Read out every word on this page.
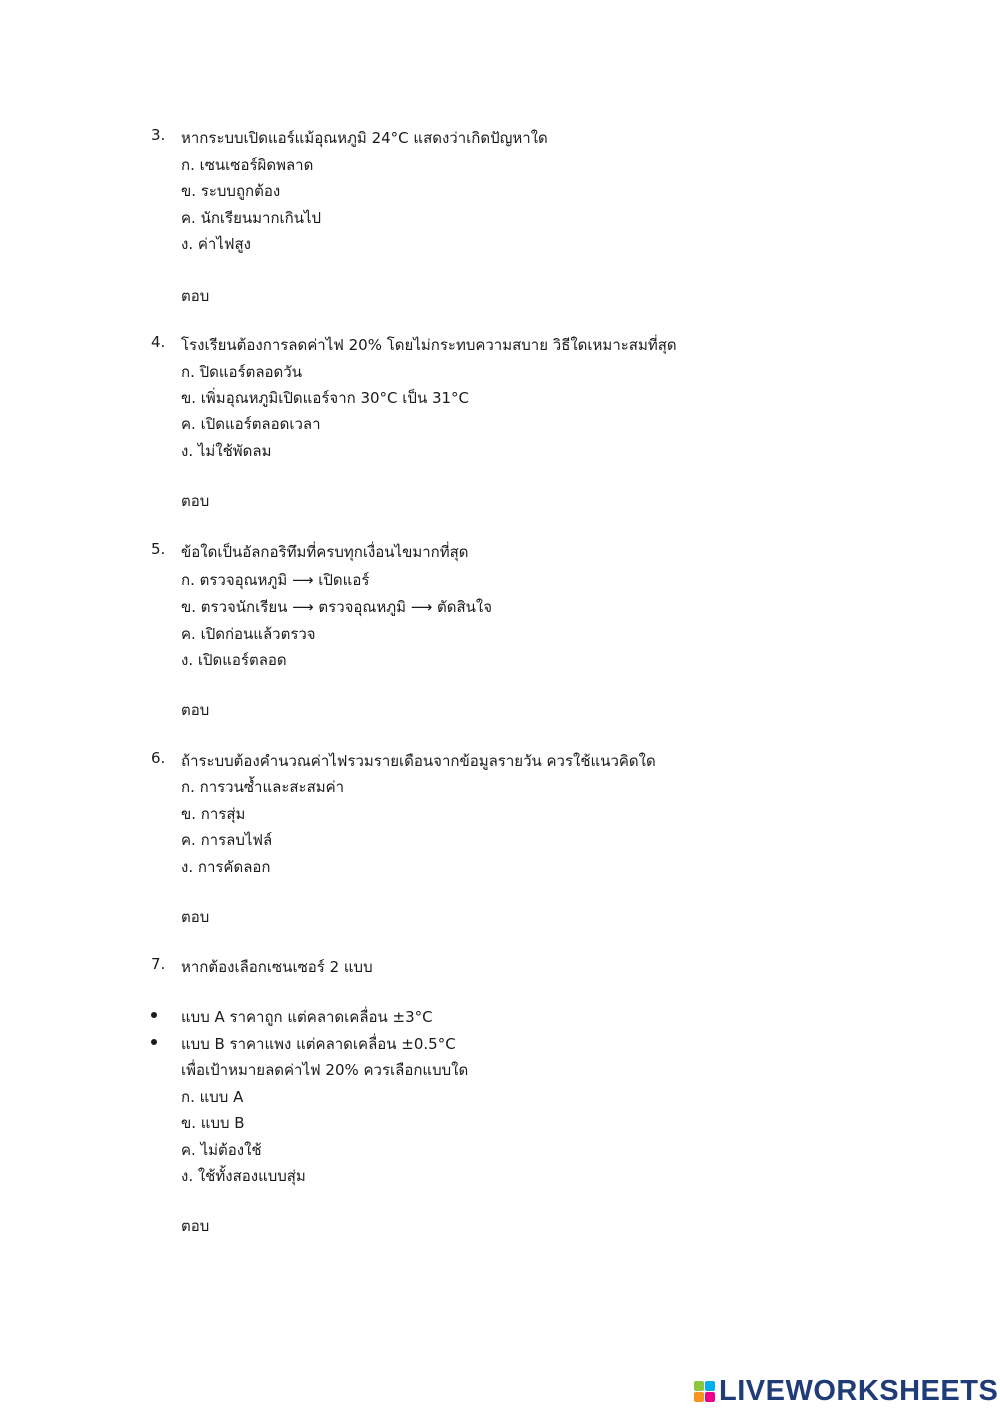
3. หากระบบเปิดแอร์แม้อุณหภูมิ 24°C แสดงว่าเกิดปัญหาใด
ก. เซนเซอร์ผิดพลาด
ข. ระบบถูกต้อง
ค. นักเรียนมากเกินไป
ง. ค่าไฟสูง
ตอบ
4. โรงเรียนต้องการลดค่าไฟ 20% โดยไม่กระทบความสบาย วิธีใดเหมาะสมที่สุด
ก. ปิดแอร์ตลอดวัน
ข. เพิ่มอุณหภูมิเปิดแอร์จาก 30°C เป็น 31°C
ค. เปิดแอร์ตลอดเวลา
ง. ไม่ใช้พัดลม
ตอบ
5. ข้อใดเป็นอัลกอริทึมที่ครบทุกเงื่อนไขมากที่สุด
ก. ตรวจอุณหภูมิ ⟶ เปิดแอร์
ข. ตรวจนักเรียน ⟶ ตรวจอุณหภูมิ ⟶ ตัดสินใจ
ค. เปิดก่อนแล้วตรวจ
ง. เปิดแอร์ตลอด
ตอบ
6. ถ้าระบบต้องคำนวณค่าไฟรวมรายเดือนจากข้อมูลรายวัน ควรใช้แนวคิดใด
ก. การวนซ้ำและสะสมค่า
ข. การสุ่ม
ค. การลบไฟล์
ง. การคัดลอก
ตอบ
7. หากต้องเลือกเซนเซอร์ 2 แบบ
แบบ A ราคาถูก แต่คลาดเคลื่อน ±3°C
แบบ B ราคาแพง แต่คลาดเคลื่อน ±0.5°C
เพื่อเป้าหมายลดค่าไฟ 20% ควรเลือกแบบใด
ก. แบบ A
ข. แบบ B
ค. ไม่ต้องใช้
ง. ใช้ทั้งสองแบบสุ่ม
ตอบ
LIVEWORKSHEETS
